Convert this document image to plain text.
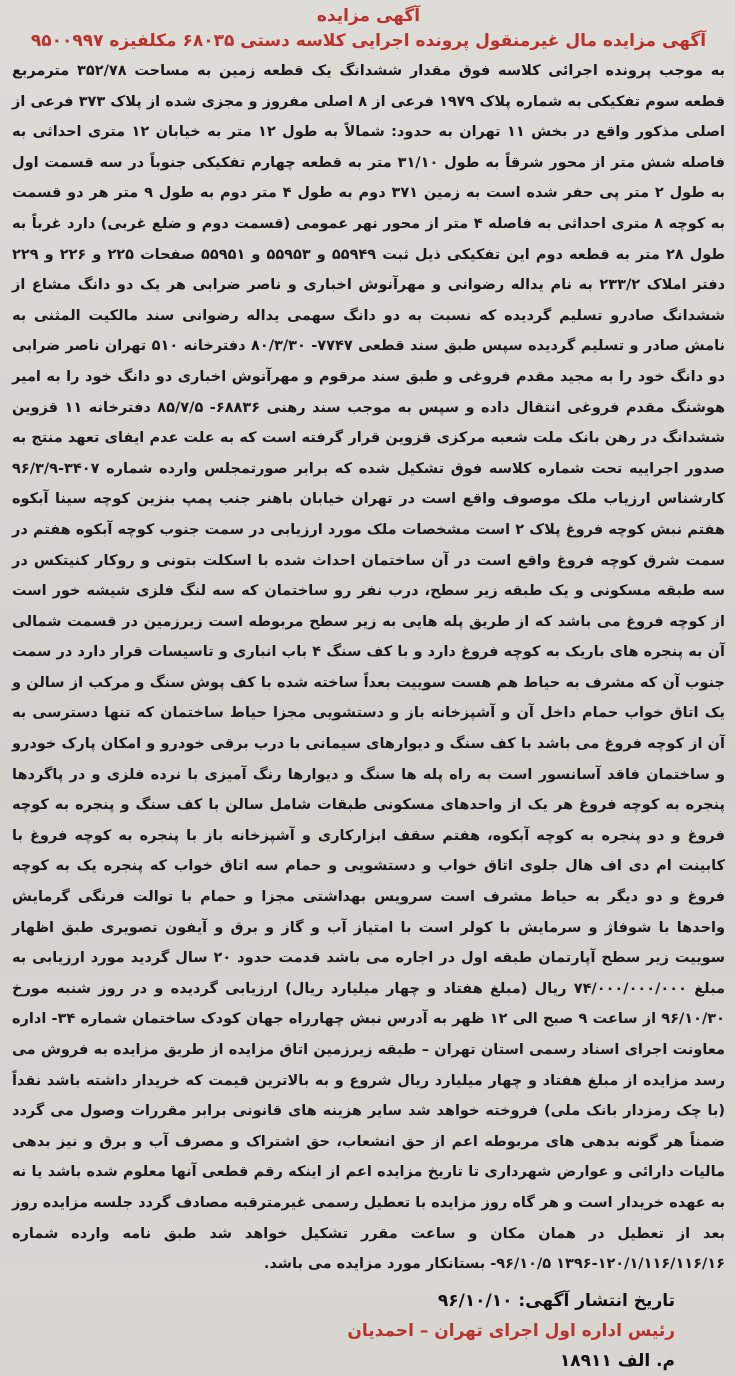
آگهی مزایده

آگهی مزایده مال غیرمنقول پرونده اجرایی کلاسه دستی ۶۸۰۳۵ مکلفیزه ۹۵۰۰۹۹۷

به موجب پرونده اجرائی کلاسه فوق مقدار ششدانگ یک قطعه زمین به مساحت ۳۵۲/۷۸ مترمربع قطعه سوم تفکیکی به شماره پلاک ۱۹۷۹ فرعی از ۸ اصلی مفروز و مجزی شده از پلاک ۳۷۳ فرعی از اصلی مذکور واقع در بخش ۱۱ تهران به حدود: شمالاً به طول ۱۲ متر به خیابان ۱۲ متری احداثی به فاصله شش متر از محور شرقاً به طول ۳۱/۱۰ متر به قطعه چهارم تفکیکی جنوباً در سه قسمت اول به طول ۲ متر پی حفر شده است به زمین ۳۷۱ دوم به طول ۴ متر دوم به طول ۹ متر هر دو قسمت به کوچه ۸ متری احداثی به فاصله ۴ متر از محور نهر عمومی (قسمت دوم و ضلع غربی) دارد غرباً به طول ۲۸ متر به قطعه دوم این تفکیکی ذیل ثبت ۵۵۹۴۹ و ۵۵۹۵۳ و ۵۵۹۵۱ صفحات ۲۲۵ و ۲۲۶ و ۲۲۹ دفتر املاک ۲۳۳/۲ به نام یداله رضوانی و مهرآنوش اخباری و ناصر ضرابی هر یک دو دانگ مشاع از ششدانگ صادرو تسلیم گردیده که نسبت به دو دانگ سهمی یداله رضوانی سند مالکیت المثنی به نامش صادر و تسلیم گردیده سپس طبق سند قطعی ۷۷۴۷- ۸۰/۳/۳۰ دفترخانه ۵۱۰ تهران ناصر ضرابی دو دانگ خود را به مجید مقدم فروغی و طبق سند مرقوم و مهرآنوش اخباری دو دانگ خود را به امیر هوشنگ مقدم فروغی انتقال داده و سپس به موجب سند رهنی ۶۸۸۳۶- ۸۵/۷/۵ دفترخانه ۱۱ قزوین ششدانگ در رهن بانک ملت شعبه مرکزی قزوین قرار گرفته است که به علت عدم ایفای تعهد منتج به صدور اجراییه تحت شماره کلاسه فوق تشکیل شده که برابر صورتمجلس وارده شماره ۳۴۰۷-۹۶/۳/۹ کارشناس ارزیاب ملک موصوف واقع است در تهران خیابان باهنر جنب پمپ بنزین کوچه سینا آبکوه هفتم نبش کوچه فروغ پلاک ۲ است مشخصات ملک مورد ارزیابی در سمت جنوب کوچه آبکوه هفتم در سمت شرق کوچه فروغ واقع است در آن ساختمان احداث شده با اسکلت بتونی و روکار کنیتکس در سه طبقه مسکونی و یک طبقه زیر سطح، درب نفر رو ساختمان که سه لنگ فلزی شیشه خور است از کوچه فروغ می باشد که از طریق پله هایی به زیر سطح مربوطه است زیرزمین در قسمت شمالی آن به پنجره های باریک به کوچه فروغ دارد و با کف سنگ ۴ باب انباری و تاسیسات قرار دارد در سمت جنوب آن که مشرف به حیاط هم هست سوییت بعداً ساخته شده با کف پوش سنگ و مرکب از سالن و یک اتاق خواب حمام داخل آن و آشپزخانه باز و دستشویی مجزا حیاط ساختمان که تنها دسترسی به آن از کوچه فروغ می باشد با کف سنگ و دیوارهای سیمانی با درب برقی خودرو و امکان پارک خودرو و ساختمان فاقد آسانسور است به راه پله ها سنگ و دیوارها رنگ آمیزی با نرده فلزی و در پاگردها پنجره به کوچه فروغ هر یک از واحدهای مسکونی طبقات شامل سالن با کف سنگ و پنجره به کوچه فروغ و دو پنجره به کوچه آبکوه، هفتم سقف ابزارکاری و آشپزخانه باز با پنجره به کوچه فروغ با کابینت ام دی اف هال جلوی اتاق خواب و دستشویی و حمام سه اتاق خواب که پنجره یک به کوچه فروغ و دو دیگر به حیاط مشرف است سرویس بهداشتی مجزا و حمام با توالت فرنگی گرمایش واحدها با شوفاژ و سرمایش با کولر است با امتیاز آب و گاز و برق و آیفون تصویری طبق اظهار سوییت زیر سطح آپارتمان طبقه اول در اجاره می باشد قدمت حدود ۲۰ سال گردید مورد ارزیابی به مبلغ ۷۴/۰۰۰/۰۰۰/۰۰۰ ریال (مبلغ هفتاد و چهار میلیارد ریال) ارزیابی گردیده و در روز شنبه مورخ ۹۶/۱۰/۳۰ از ساعت ۹ صبح الی ۱۲ ظهر به آدرس نبش چهارراه جهان کودک ساختمان شماره ۳۴- اداره معاونت اجرای اسناد رسمی استان تهران – طبقه زیرزمین اتاق مزایده از طریق مزایده به فروش می رسد مزایده از مبلغ هفتاد و چهار میلیارد ریال شروع و به بالاترین قیمت که خریدار داشته باشد نقداً (با چک رمزدار بانک ملی) فروخته خواهد شد سایر هزینه های قانونی برابر مقررات وصول می گردد ضمناً هر گونه بدهی های مربوطه اعم از حق انشعاب، حق اشتراک و مصرف آب و برق و نیز بدهی مالیات دارائی و عوارض شهرداری تا تاریخ مزایده اعم از اینکه رقم قطعی آنها معلوم شده باشد یا نه به عهده خریدار است و هر گاه روز مزایده با تعطیل رسمی غیرمترقبه مصادف گردد جلسه مزایده روز بعد از تعطیل در همان مکان و ساعت مقرر تشکیل خواهد شد طبق نامه وارده شماره ۱۲۰/۱/۱۱۶/۱۱۶/۱۶-۱۳۹۶ ۹۶/۱۰/۵- بستانکار مورد مزایده می باشد.

تاریخ انتشار آگهی: ۹۶/۱۰/۱۰

رئیس اداره اول اجرای تهران – احمدیان

م. الف ۱۸۹۱۱
